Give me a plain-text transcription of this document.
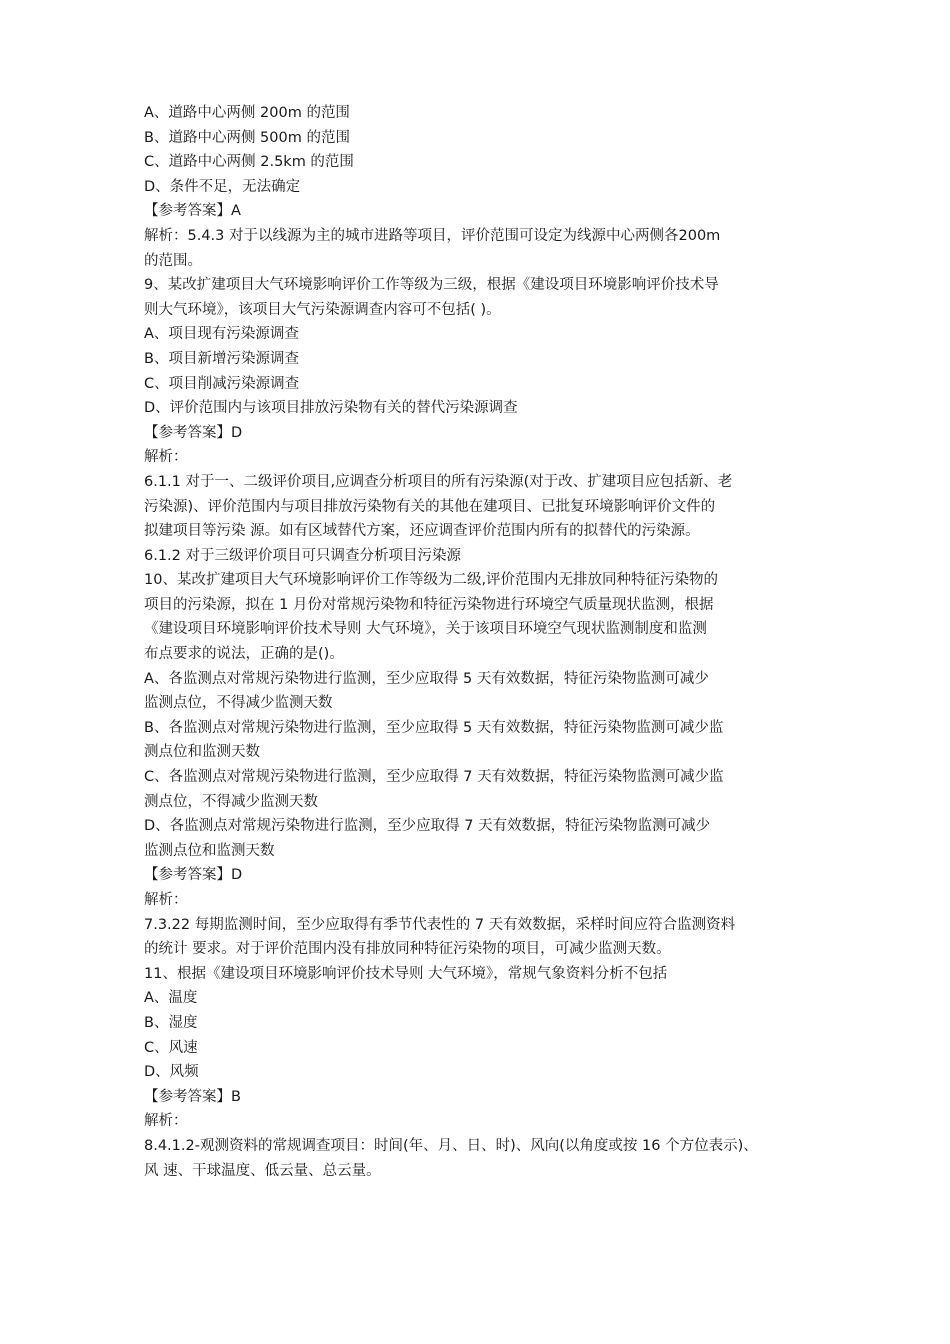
A、道路中心两侧 200m 的范围
B、道路中心两侧 500m 的范围
C、道路中心两侧 2.5km 的范围
D、条件不足，无法确定
【参考答案】A
解析：5.4.3 对于以线源为主的城市进路等项目，评价范围可设定为线源中心两侧各200m
的范围。
9、某改扩建项目大气环境影响评价工作等级为三级，根据《建设项目环境影响评价技术导
则大气环境》，该项目大气污染源调查内容可不包括( )。
A、项目现有污染源调查
B、项目新增污染源调查
C、项目削减污染源调查
D、评价范围内与该项目排放污染物有关的替代污染源调查
【参考答案】D
解析：
6.1.1 对于一、二级评价项目,应调查分析项目的所有污染源(对于改、扩建项目应包括新、老
污染源)、评价范围内与项目排放污染物有关的其他在建项目、已批复环境影响评价文件的
拟建项目等污染 源。如有区域替代方案，还应调查评价范围内所有的拟替代的污染源。
6.1.2 对于三级评价项目可只调查分析项目污染源
10、某改扩建项目大气环境影响评价工作等级为二级,评价范围内无排放同种特征污染物的
项目的污染源，拟在 1 月份对常规污染物和特征污染物进行环境空气质量现状监测，根据
《建设项目环境影响评价技术导则 大气环境》，关于该项目环境空气现状监测制度和监测
布点要求的说法，正确的是()。
A、各监测点对常规污染物进行监测，至少应取得 5 天有效数据，特征污染物监测可减少
监测点位，不得减少监测天数
B、各监测点对常规污染物进行监测，至少应取得 5 天有效数据，特征污染物监测可减少监
测点位和监测天数
C、各监测点对常规污染物进行监测，至少应取得 7 天有效数据，特征污染物监测可减少监
测点位，不得减少监测天数
D、各监测点对常规污染物进行监测，至少应取得 7 天有效数据，特征污染物监测可减少
监测点位和监测天数
【参考答案】D
解析：
7.3.22 每期监测时间，至少应取得有季节代表性的 7 天有效数据，采样时间应符合监测资料
的统计 要求。对于评价范围内没有排放同种特征污染物的项目，可减少监测天数。
11、根据《建设项目环境影响评价技术导则 大气环境》，常规气象资料分析不包括
A、温度
B、湿度
C、风速
D、风频
【参考答案】B
解析：
8.4.1.2-观测资料的常规调查项目：时间(年、月、日、时)、风向(以角度或按 16 个方位表示)、
风 速、干球温度、低云量、总云量。
